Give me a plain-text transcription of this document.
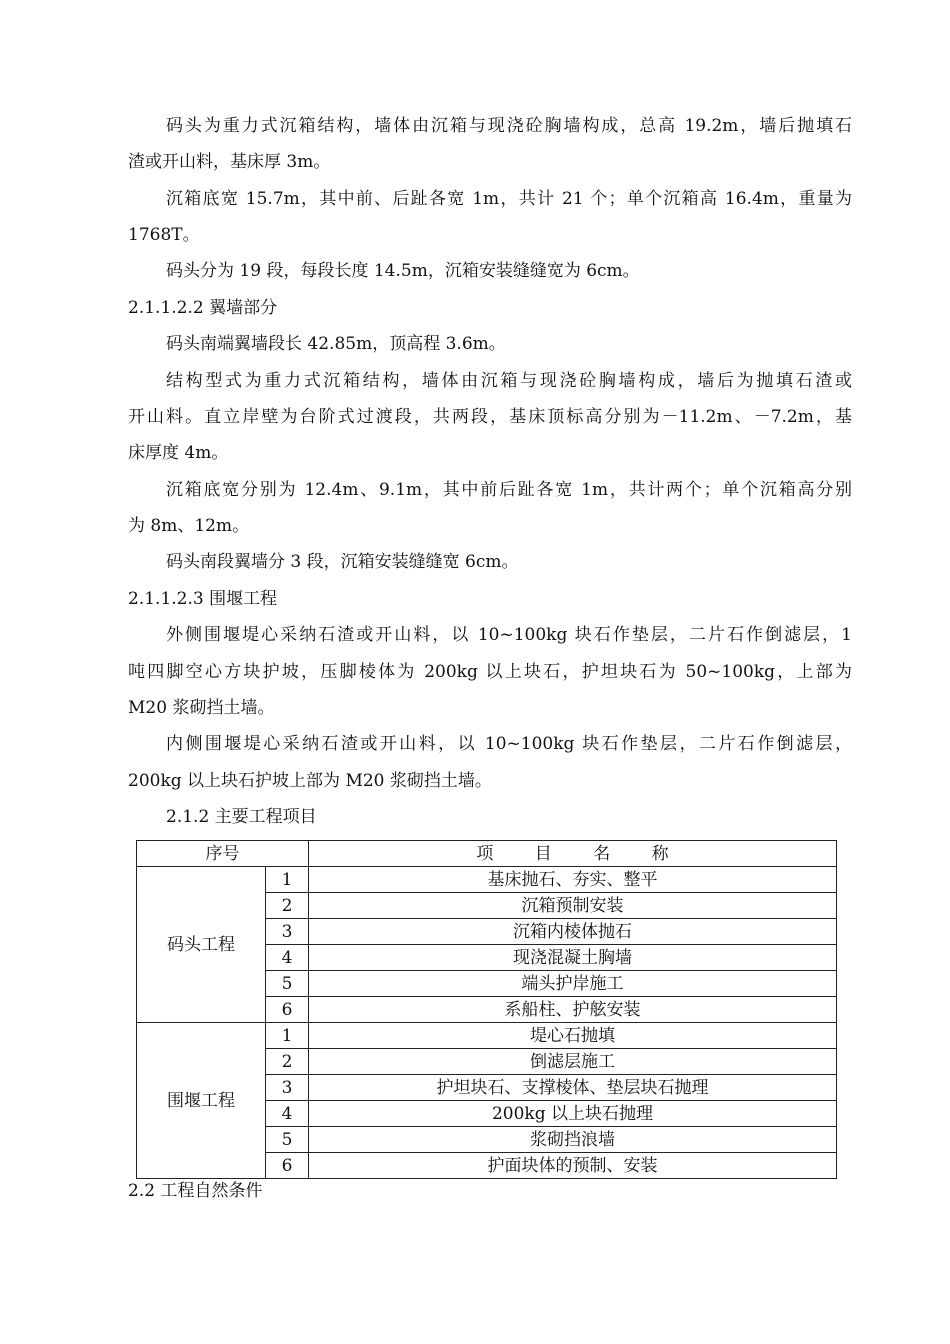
码头为重力式沉箱结构，墙体由沉箱与现浇砼胸墙构成，总高 19.2m，墙后抛填石
渣或开山料，基床厚 3m。
沉箱底宽 15.7m，其中前、后趾各宽 1m，共计 21 个；单个沉箱高 16.4m，重量为
1768T。
码头分为 19 段，每段长度 14.5m，沉箱安装缝缝宽为 6cm。
2.1.1.2.2 翼墙部分
码头南端翼墙段长 42.85m，顶高程 3.6m。
结构型式为重力式沉箱结构，墙体由沉箱与现浇砼胸墙构成，墙后为抛填石渣或
开山料。直立岸壁为台阶式过渡段，共两段，基床顶标高分别为－11.2m、－7.2m，基
床厚度 4m。
沉箱底宽分别为 12.4m、9.1m，其中前后趾各宽 1m，共计两个；单个沉箱高分别
为 8m、12m。
码头南段翼墙分 3 段，沉箱安装缝缝宽 6cm。
2.1.1.2.3 围堰工程
外侧围堰堤心采纳石渣或开山料，以 10~100kg 块石作垫层，二片石作倒滤层，1
吨四脚空心方块护坡，压脚棱体为 200kg 以上块石，护坦块石为 50~100kg，上部为
M20 浆砌挡土墙。
内侧围堰堤心采纳石渣或开山料，以 10~100kg 块石作垫层，二片石作倒滤层，
200kg 以上块石护坡上部为 M20 浆砌挡土墙。
2.1.2 主要工程项目
序号		项 目 名 称
码头工程	1	基床抛石、夯实、整平
	2	沉箱预制安装
	3	沉箱内棱体抛石
	4	现浇混凝土胸墙
	5	端头护岸施工
	6	系船柱、护舷安装
围堰工程	1	堤心石抛填
	2	倒滤层施工
	3	护坦块石、支撑棱体、垫层块石抛理
	4	200kg 以上块石抛理
	5	浆砌挡浪墙
	6	护面块体的预制、安装
2.2 工程自然条件
